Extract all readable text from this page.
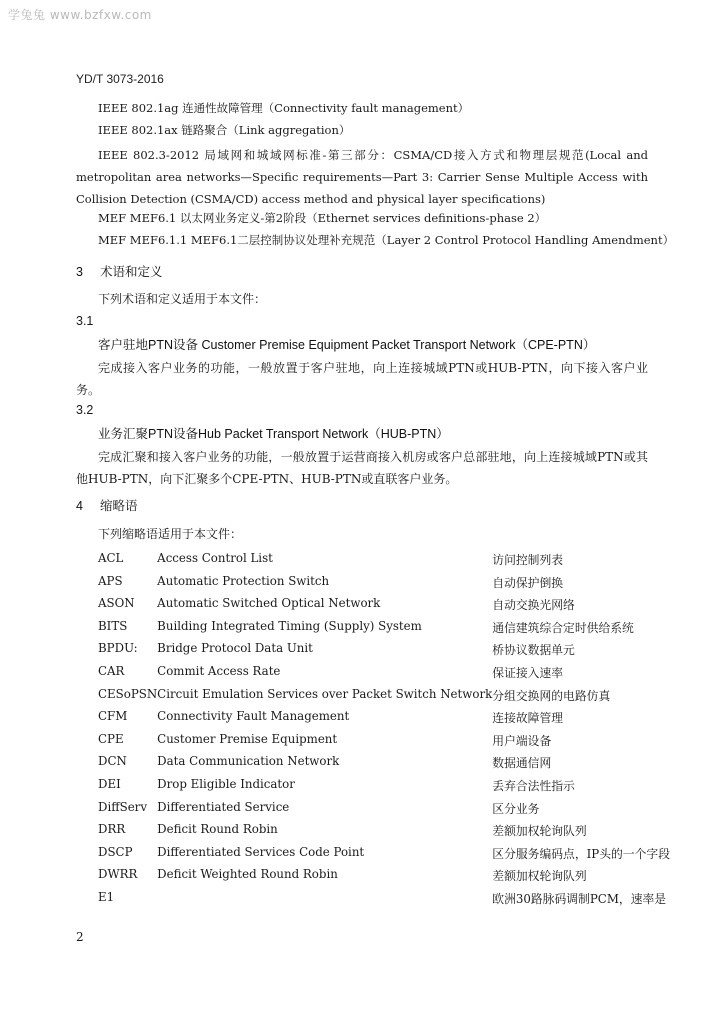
学兔兔 www.bzfxw.com
YD/T 3073-2016
IEEE 802.1ag 连通性故障管理（Connectivity fault management）
IEEE 802.1ax 链路聚合（Link aggregation）
IEEE 802.3-2012 局域网和城域网标准-第三部分：CSMA/CD接入方式和物理层规范(Local and metropolitan area networks—Specific requirements—Part 3: Carrier Sense Multiple Access with Collision Detection (CSMA/CD) access method and physical layer specifications)
MEF MEF6.1 以太网业务定义-第2阶段（Ethernet services definitions-phase 2）
MEF MEF6.1.1 MEF6.1二层控制协议处理补充规范（Layer 2 Control Protocol Handling Amendment）
3 术语和定义
下列术语和定义适用于本文件：
3.1
客户驻地PTN设备 Customer Premise Equipment Packet Transport Network（CPE-PTN）
完成接入客户业务的功能，一般放置于客户驻地，向上连接城域PTN或HUB-PTN，向下接入客户业务。
3.2
业务汇聚PTN设备Hub Packet Transport Network（HUB-PTN）
完成汇聚和接入客户业务的功能，一般放置于运营商接入机房或客户总部驻地，向上连接城域PTN或其他HUB-PTN，向下汇聚多个CPE-PTN、HUB-PTN或直联客户业务。
4 缩略语
下列缩略语适用于本文件：
ACL	Access Control List	访问控制列表
APS	Automatic Protection Switch	自动保护倒换
ASON	Automatic Switched Optical Network	自动交换光网络
BITS	Building Integrated Timing (Supply) System	通信建筑综合定时供给系统
BPDU:	Bridge Protocol Data Unit	桥协议数据单元
CAR	Commit Access Rate	保证接入速率
CESoPSN	Circuit Emulation Services over Packet Switch Network	分组交换网的电路仿真
CFM	Connectivity Fault Management	连接故障管理
CPE	Customer Premise Equipment	用户端设备
DCN	Data Communication Network	数据通信网
DEI	Drop Eligible Indicator	丢弃合法性指示
DiffServ	Differentiated Service	区分业务
DRR	Deficit Round Robin	差额加权轮询队列
DSCP	Differentiated Services Code Point	区分服务编码点，IP头的一个字段
DWRR	Deficit Weighted Round Robin	差额加权轮询队列
E1		欧洲30路脉码调制PCM，速率是
2
